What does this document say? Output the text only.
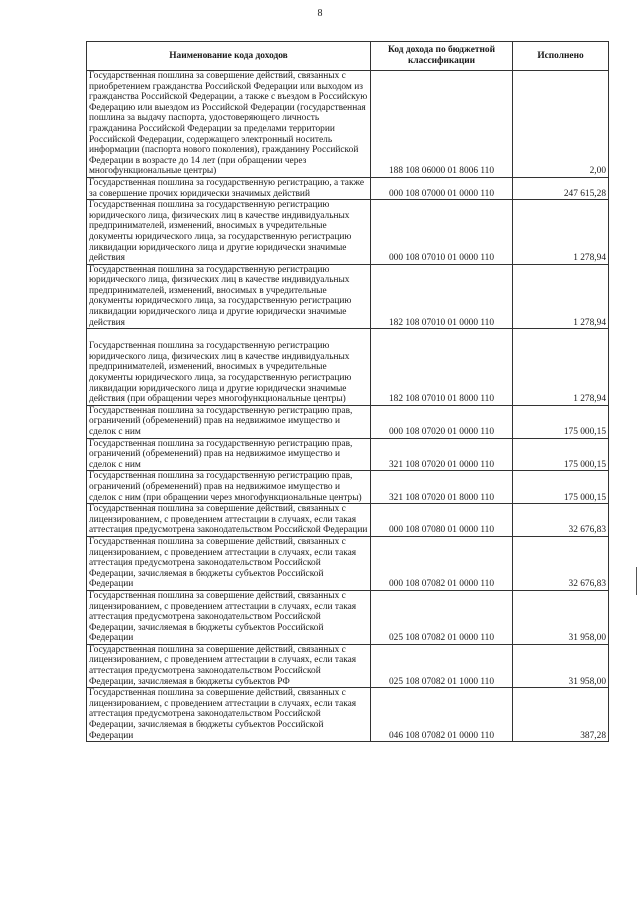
8
Наименование кода доходов	Код дохода по бюджетной классификации	Исполнено
Государственная пошлина за совершение действий, связанных с приобретением гражданства Российской Федерации или выходом из гражданства Российской Федерации, а также с въездом в Российскую Федерацию или выездом из Российской Федерации (государственная пошлина за выдачу паспорта, удостоверяющего личность гражданина Российской Федерации за пределами территории Российской Федерации, содержащего электронный носитель информации (паспорта нового поколения), гражданину Российской Федерации в возрасте до 14 лет (при обращении через многофункциональные центры)	188 108 06000 01 8006 110	2,00
Государственная пошлина за государственную регистрацию, а также за совершение прочих юридически значимых действий	000 108 07000 01 0000 110	247 615,28
Государственная пошлина за государственную регистрацию юридического лица, физических лиц в качестве индивидуальных предпринимателей, изменений, вносимых в учредительные документы юридического лица, за государственную регистрацию ликвидации юридического лица и другие юридически значимые действия	000 108 07010 01 0000 110	1 278,94
Государственная пошлина за государственную регистрацию юридического лица, физических лиц в качестве индивидуальных предпринимателей, изменений, вносимых в учредительные документы юридического лица, за государственную регистрацию ликвидации юридического лица и другие юридически значимые действия	182 108 07010 01 0000 110	1 278,94

Государственная пошлина за государственную регистрацию юридического лица, физических лиц в качестве индивидуальных предпринимателей, изменений, вносимых в учредительные документы юридического лица, за государственную регистрацию ликвидации юридического лица и другие юридически значимые действия (при обращении через многофункциональные центры)	182 108 07010 01 8000 110	1 278,94
Государственная пошлина за государственную регистрацию прав, ограничений (обременений) прав на недвижимое имущество и сделок с ним	000 108 07020 01 0000 110	175 000,15
Государственная пошлина за государственную регистрацию прав, ограничений (обременений) прав на недвижимое имущество и сделок с ним	321 108 07020 01 0000 110	175 000,15
Государственная пошлина за государственную регистрацию прав, ограничений (обременений) прав на недвижимое имущество и сделок с ним (при обращении через многофункциональные центры)	321 108 07020 01 8000 110	175 000,15
Государственная пошлина за совершение действий, связанных с лицензированием, с проведением аттестации в случаях, если такая аттестация предусмотрена законодательством Российской Федерации	000 108 07080 01 0000 110	32 676,83
Государственная пошлина за совершение действий, связанных с лицензированием, с проведением аттестации в случаях, если такая аттестация предусмотрена законодательством Российской Федерации, зачисляемая в бюджеты субъектов Российской Федерации	000 108 07082 01 0000 110	32 676,83
Государственная пошлина за совершение действий, связанных с лицензированием, с проведением аттестации в случаях, если такая аттестация предусмотрена законодательством Российской Федерации, зачисляемая в бюджеты субъектов Российской Федерации	025 108 07082 01 0000 110	31 958,00
Государственная пошлина за совершение действий, связанных с лицензированием, с проведением аттестации в случаях, если такая аттестация предусмотрена законодательством Российской Федерации, зачисляемая в бюджеты субъектов РФ	025 108 07082 01 1000 110	31 958,00
Государственная пошлина за совершение действий, связанных с лицензированием, с проведением аттестации в случаях, если такая аттестация предусмотрена законодательством Российской Федерации, зачисляемая в бюджеты субъектов Российской Федерации	046 108 07082 01 0000 110	387,28
